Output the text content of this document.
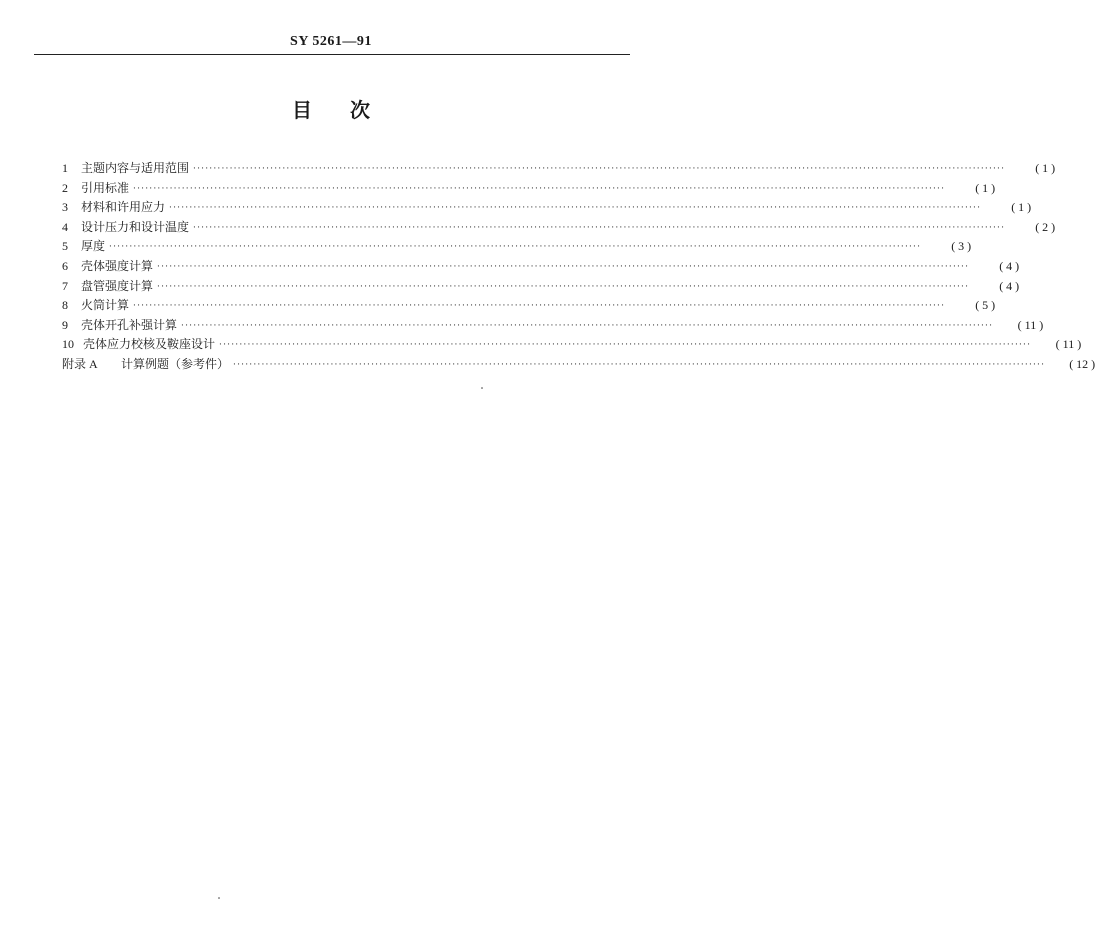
SY 5261—91
目次
1	主题内容与适用范围 ········································································································································································································	( 1 )
2	引用标准 ········································································································································································································	( 1 )
3	材料和许用应力 ········································································································································································································	( 1 )
4	设计压力和设计温度 ········································································································································································································	( 2 )
5	厚度 ········································································································································································································	( 3 )
6	壳体强度计算 ········································································································································································································	( 4 )
7	盘管强度计算 ········································································································································································································	( 4 )
8	火筒计算 ········································································································································································································	( 5 )
9	壳体开孔补强计算 ········································································································································································································	( 11 )
10 壳体应力校核及鞍座设计 ········································································································································································································	( 11 )
附录 A	计算例题（参考件） ········································································································································································································	( 12 )
